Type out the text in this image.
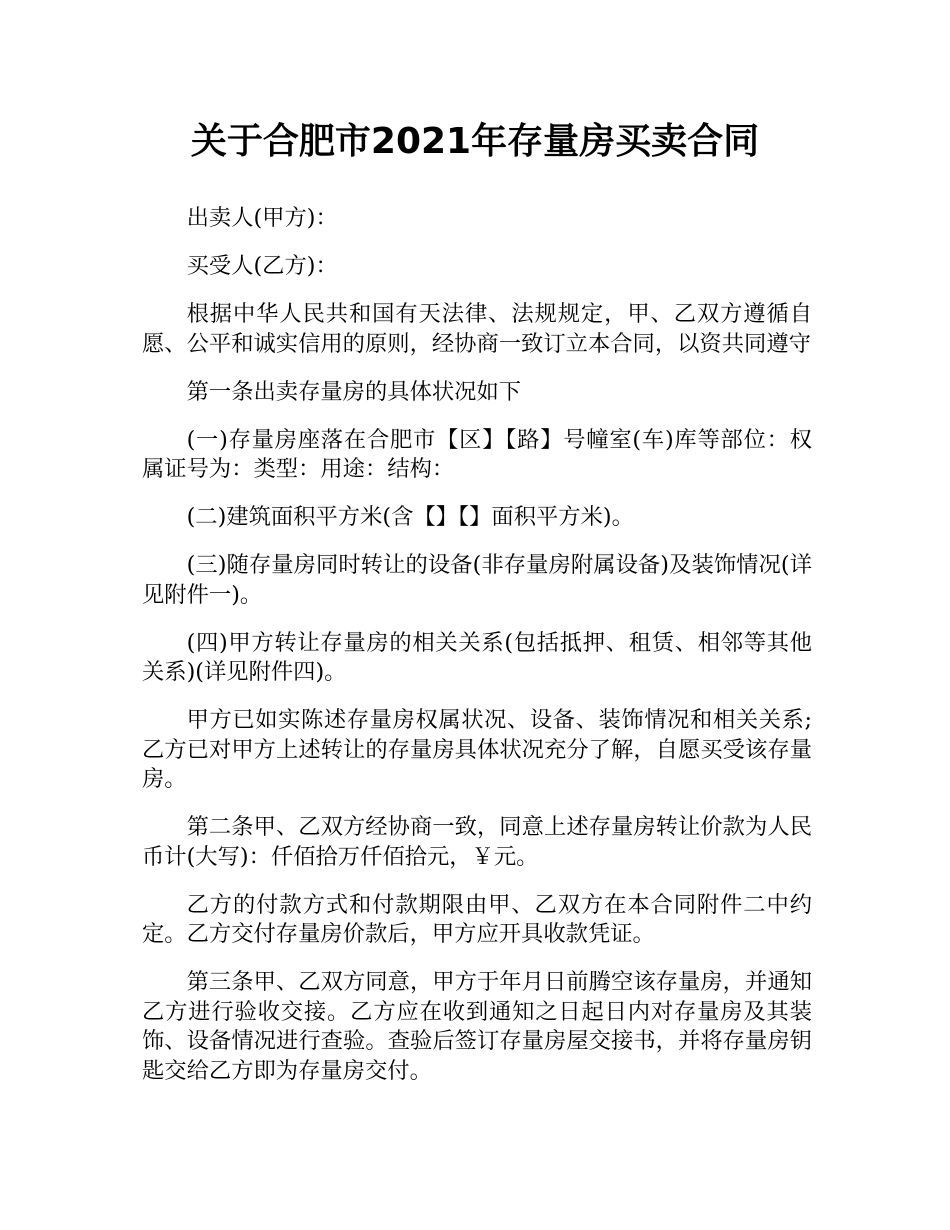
关于合肥市2021年存量房买卖合同

出卖人(甲方)：

买受人(乙方)：

根据中华人民共和国有天法律、法规规定，甲、乙双方遵循自愿、公平和诚实信用的原则，经协商一致订立本合同，以资共同遵守

第一条出卖存量房的具体状况如下

(一)存量房座落在合肥市【区】【路】号幢室(车)库等部位：权属证号为：类型：用途：结构：

(二)建筑面积平方米(含【】【】面积平方米)。

(三)随存量房同时转让的设备(非存量房附属设备)及装饰情况(详见附件一)。

(四)甲方转让存量房的相关关系(包括抵押、租赁、相邻等其他关系)(详见附件四)。

甲方已如实陈述存量房权属状况、设备、装饰情况和相关关系;乙方已对甲方上述转让的存量房具体状况充分了解，自愿买受该存量房。

第二条甲、乙双方经协商一致，同意上述存量房转让价款为人民币计(大写)：仟佰拾万仟佰拾元，￥元。

乙方的付款方式和付款期限由甲、乙双方在本合同附件二中约定。乙方交付存量房价款后，甲方应开具收款凭证。

第三条甲、乙双方同意，甲方于年月日前腾空该存量房，并通知乙方进行验收交接。乙方应在收到通知之日起日内对存量房及其装饰、设备情况进行查验。查验后签订存量房屋交接书，并将存量房钥匙交给乙方即为存量房交付。
